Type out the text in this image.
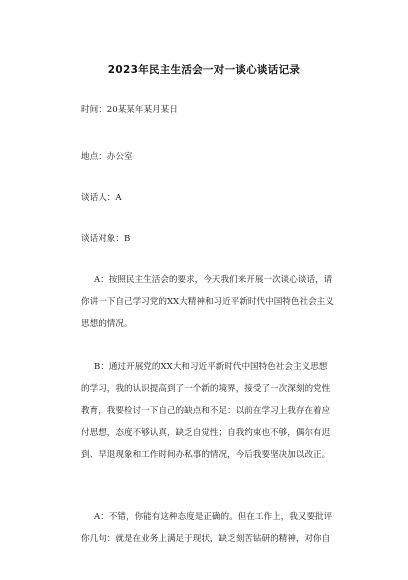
2023年民主生活会一对一谈心谈话记录
时间：20某某年某月某日
地点：办公室
谈话人：A
谈话对象：B
A：按照民主生活会的要求，今天我们来开展一次谈心谈话，请
你讲一下自己学习党的XX大精神和习近平新时代中国特色社会主义
思想的情况。
B：通过开展党的XX大和习近平新时代中国特色社会主义思想
的学习，我的认识提高到了一个新的境界，接受了一次深刻的党性
教育，我要检讨一下自己的缺点和不足：以前在学习上我存在着应
付思想，态度不够认真，缺乏自觉性；自我约束也不够，偶尔有迟
到、早退现象和工作时间办私事的情况，今后我要坚决加以改正。
A：不错，你能有这种态度是正确的。但在工作上，我又要批评
你几句：就是在业务上满足于现状，缺乏刻苦钻研的精神，对你自
